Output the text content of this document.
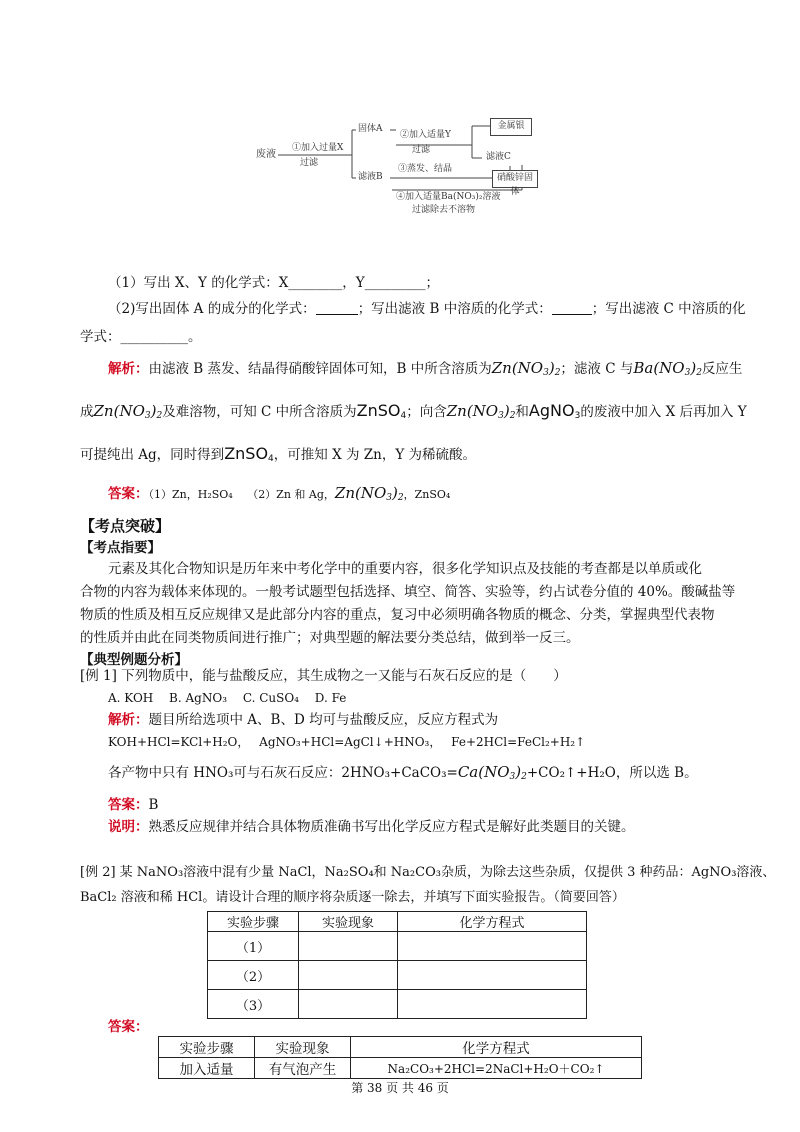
废液
①加入过量X
过滤
固体A
滤液B
②加入适量Y
过滤
③蒸发、结晶
④加入适量Ba(NO₃)₂溶液
过滤除去不溶物
金属银
滤液C
硝酸锌固体
（1）写出 X、Y 的化学式：X________，Y_________；
（2)写出固体 A 的成分的化学式：	；写出滤液 B 中溶质的化学式：	；写出滤液 C 中溶质的化
学式：__________。
解析：由滤液 B 蒸发、结晶得硝酸锌固体可知，B 中所含溶质为$Zn(NO_3)_2$；滤液 C 与$Ba(NO_3)_2$反应生
成$Zn(NO_3)_2$及难溶物，可知 C 中所含溶质为ZnSO$_4$；向含$Zn(NO_3)_2$和AgNO$_3$的废液中加入 X 后再加入 Y
可提纯出 Ag，同时得到ZnSO$_4$，可推知 X 为 Zn，Y 为稀硫酸。
答案：（1）Zn，H₂SO₄　 （2）Zn 和 Ag，$Zn(NO_3)_2$，ZnSO₄
【考点突破】
【考点指要】
元素及其化合物知识是历年来中考化学中的重要内容，很多化学知识点及技能的考查都是以单质或化
合物的内容为载体来体现的。一般考试题型包括选择、填空、简答、实验等，约占试卷分值的 40%。酸碱盐等
物质的性质及相互反应规律又是此部分内容的重点，复习中必须明确各物质的概念、分类，掌握典型代表物
的性质并由此在同类物质间进行推广；对典型题的解法要分类总结，做到举一反三。
【典型例题分析】
[例 1] 下列物质中，能与盐酸反应，其生成物之一又能与石灰石反应的是（　　）
A. KOH　 B. AgNO₃　 C. CuSO₄　 D. Fe
解析：题目所给选项中 A、B、D 均可与盐酸反应，反应方程式为
KOH+HCl=KCl+H₂O，　 AgNO₃+HCl=AgCl↓+HNO₃，　 Fe+2HCl=FeCl₂+H₂↑
各产物中只有 HNO₃可与石灰石反应：$2HNO_3+CaCO_3=Ca(NO_3)_2+CO_2↑+H_2O$，所以选 B。
答案：B
说明：熟悉反应规律并结合具体物质准确书写出化学反应方程式是解好此类题目的关键。
[例 2] 某 NaNO₃溶液中混有少量 NaCl，Na₂SO₄和 Na₂CO₃杂质，为除去这些杂质，仅提供 3 种药品：AgNO₃溶液、
BaCl₂ 溶液和稀 HCl。请设计合理的顺序将杂质逐一除去，并填写下面实验报告。（简要回答）
实验步骤	实验现象	化学方程式
（1）		
（2）		
（3）		
答案：
实验步骤	实验现象	化学方程式
加入适量	有气泡产生	Na₂CO₃+2HCl=2NaCl+H₂O＋CO₂↑
第 38 页 共 46 页
